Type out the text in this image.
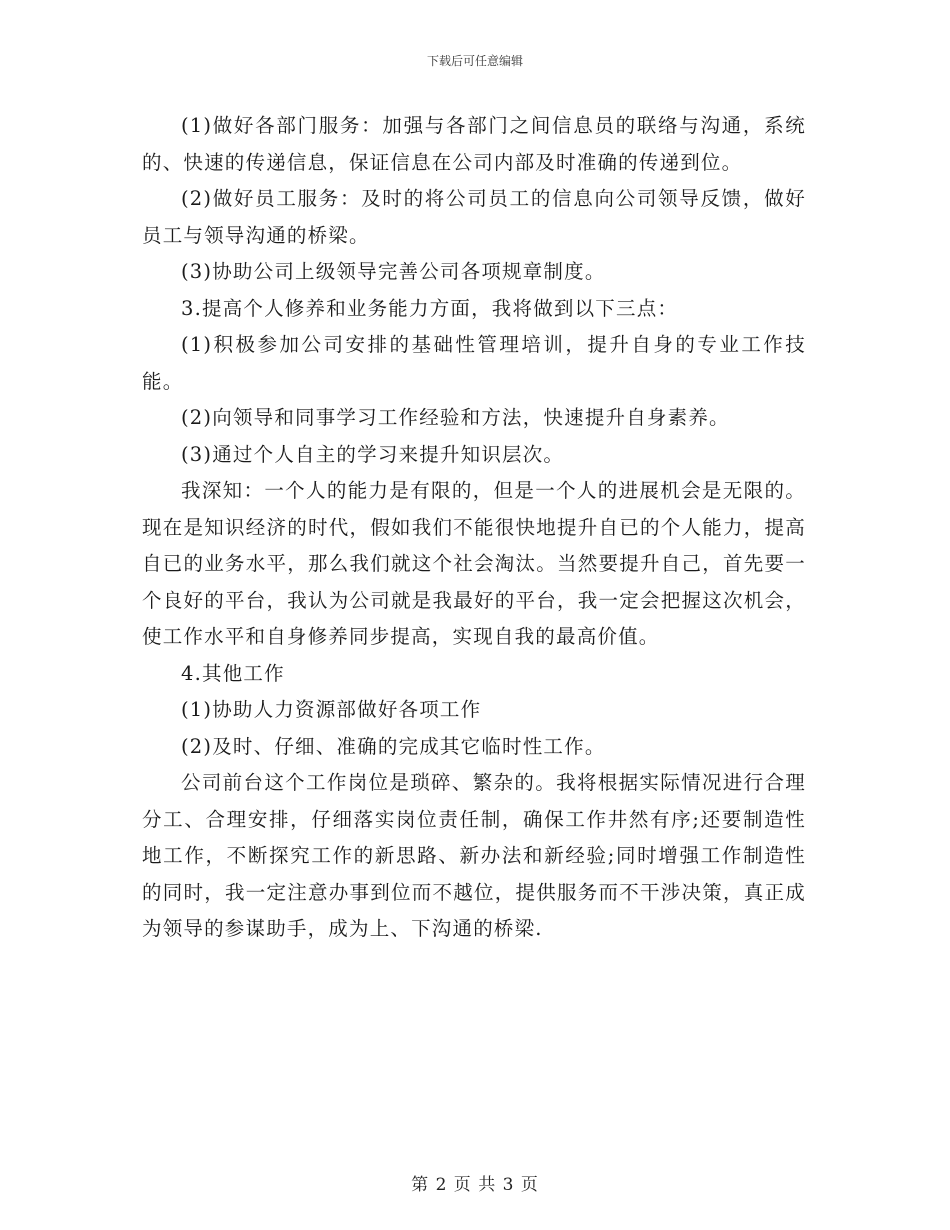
下载后可任意编辑

(1)做好各部门服务：加强与各部门之间信息员的联络与沟通，系统的、快速的传递信息，保证信息在公司内部及时准确的传递到位。

(2)做好员工服务：及时的将公司员工的信息向公司领导反馈，做好员工与领导沟通的桥梁。

(3)协助公司上级领导完善公司各项规章制度。

3.提高个人修养和业务能力方面，我将做到以下三点：

(1)积极参加公司安排的基础性管理培训，提升自身的专业工作技能。

(2)向领导和同事学习工作经验和方法，快速提升自身素养。

(3)通过个人自主的学习来提升知识层次。

我深知：一个人的能力是有限的，但是一个人的进展机会是无限的。现在是知识经济的时代，假如我们不能很快地提升自已的个人能力，提高自已的业务水平，那么我们就这个社会淘汰。当然要提升自己，首先要一个良好的平台，我认为公司就是我最好的平台，我一定会把握这次机会，使工作水平和自身修养同步提高，实现自我的最高价值。

4.其他工作

(1)协助人力资源部做好各项工作

(2)及时、仔细、准确的完成其它临时性工作。

公司前台这个工作岗位是琐碎、繁杂的。我将根据实际情况进行合理分工、合理安排，仔细落实岗位责任制，确保工作井然有序;还要制造性地工作，不断探究工作的新思路、新办法和新经验;同时增强工作制造性的同时，我一定注意办事到位而不越位，提供服务而不干涉决策，真正成为领导的参谋助手，成为上、下沟通的桥梁.

第 2 页 共 3 页
